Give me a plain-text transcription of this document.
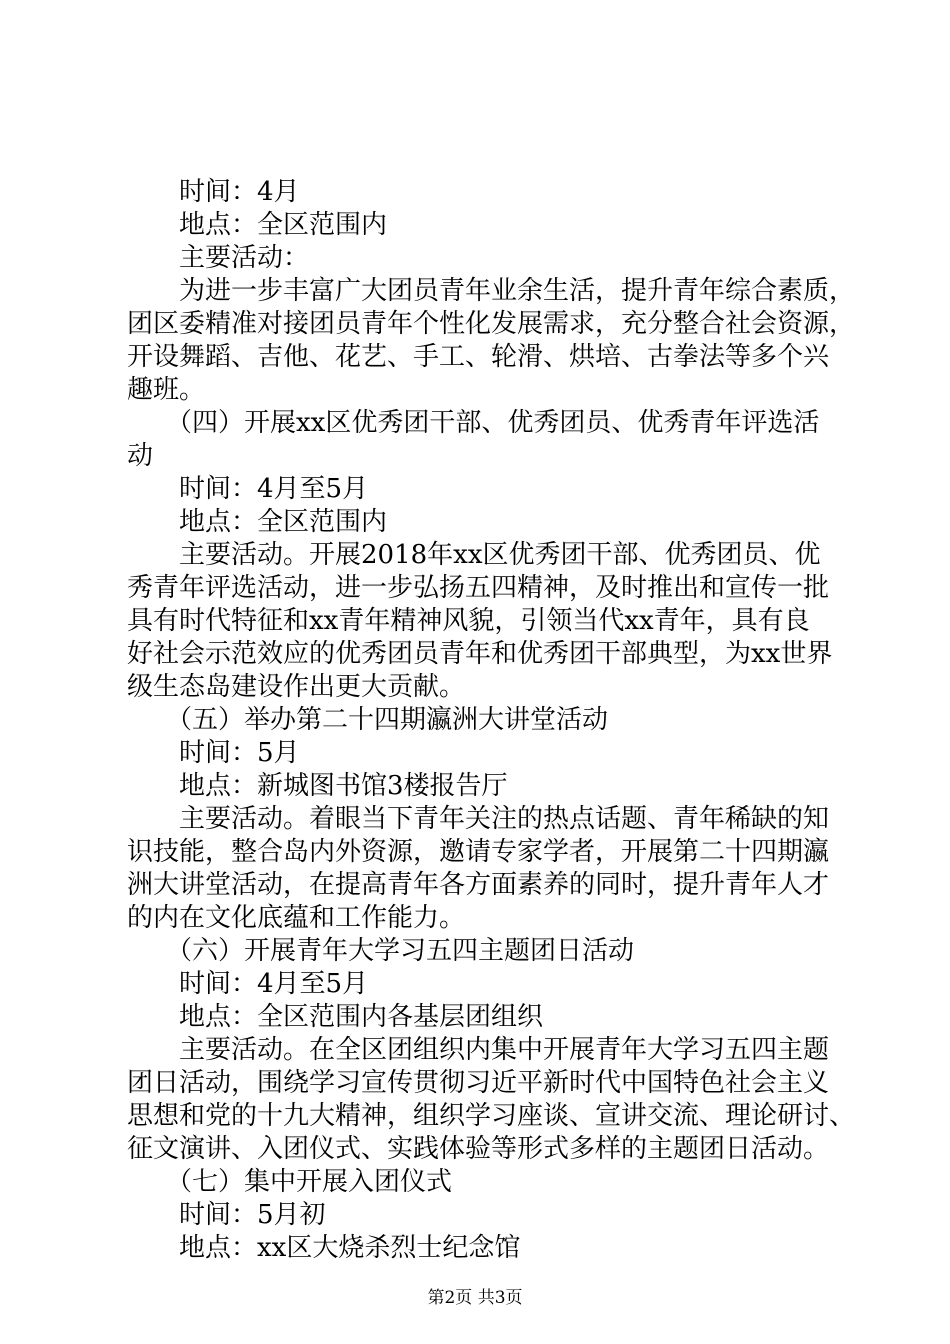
　　时间：4月
　　地点：全区范围内
　　主要活动：
　　为进一步丰富广大团员青年业余生活，提升青年综合素质，
团区委精准对接团员青年个性化发展需求，充分整合社会资源，
开设舞蹈、吉他、花艺、手工、轮滑、烘培、古拳法等多个兴
趣班。
　　（四）开展xx区优秀团干部、优秀团员、优秀青年评选活
动
　　时间：4月至5月
　　地点：全区范围内
　　主要活动。开展2018年xx区优秀团干部、优秀团员、优
秀青年评选活动，进一步弘扬五四精神，及时推出和宣传一批
具有时代特征和xx青年精神风貌，引领当代xx青年，具有良
好社会示范效应的优秀团员青年和优秀团干部典型，为xx世界
级生态岛建设作出更大贡献。
　　（五）举办第二十四期瀛洲大讲堂活动
　　时间：5月
　　地点：新城图书馆3楼报告厅
　　主要活动。着眼当下青年关注的热点话题、青年稀缺的知
识技能，整合岛内外资源，邀请专家学者，开展第二十四期瀛
洲大讲堂活动，在提高青年各方面素养的同时，提升青年人才
的内在文化底蕴和工作能力。
　　（六）开展青年大学习五四主题团日活动
　　时间：4月至5月
　　地点：全区范围内各基层团组织
　　主要活动。在全区团组织内集中开展青年大学习五四主题
团日活动，围绕学习宣传贯彻习近平新时代中国特色社会主义
思想和党的十九大精神，组织学习座谈、宣讲交流、理论研讨、
征文演讲、入团仪式、实践体验等形式多样的主题团日活动。
　　（七）集中开展入团仪式
　　时间：5月初
　　地点：xx区大烧杀烈士纪念馆
第2页 共3页
